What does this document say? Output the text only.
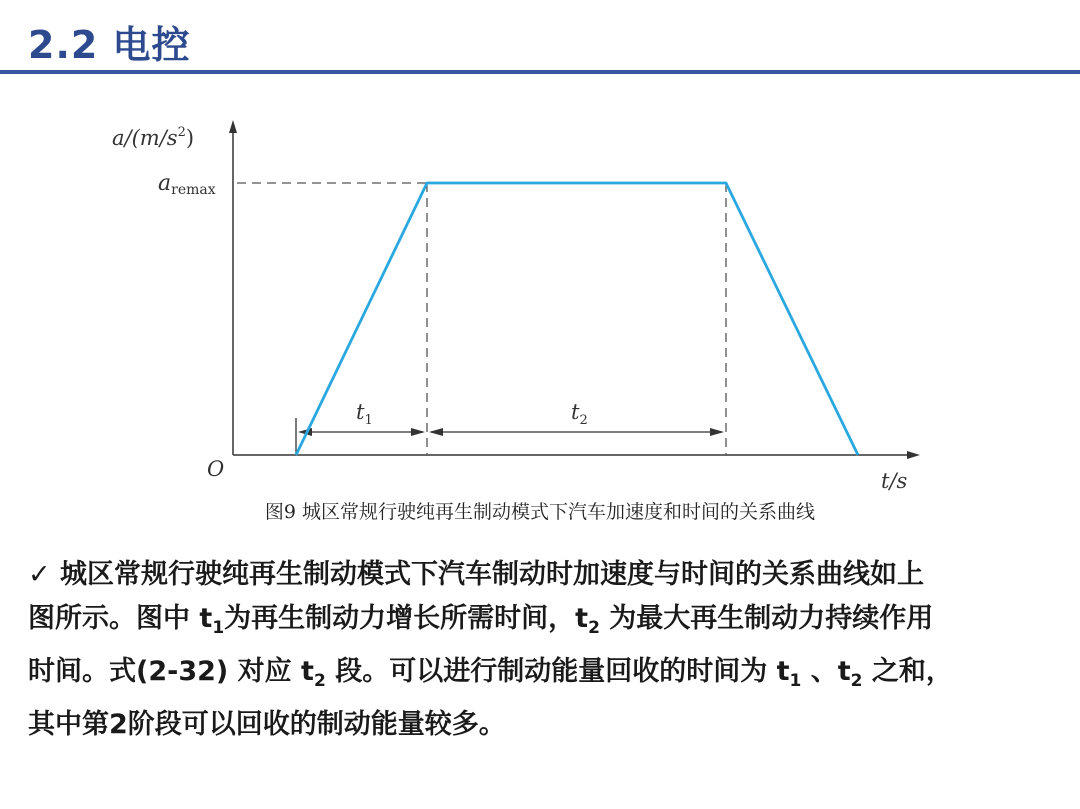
2.2 电控
$a/(m/s^2)$
aremax
O	t/s
$t_1$	$t_2$
图9 城区常规行驶纯再生制动模式下汽车加速度和时间的关系曲线

✓ 城区常规行驶纯再生制动模式下汽车制动时加速度与时间的关系曲线如上

图所示。图中 $t_1$为再生制动力增长所需时间，$t_2$ 为最大再生制动力持续作用

时间。式(2-32) 对应 $t_2$ 段。可以进行制动能量回收的时间为 $t_1$ 、$t_2$ 之和，

其中第2阶段可以回收的制动能量较多。
